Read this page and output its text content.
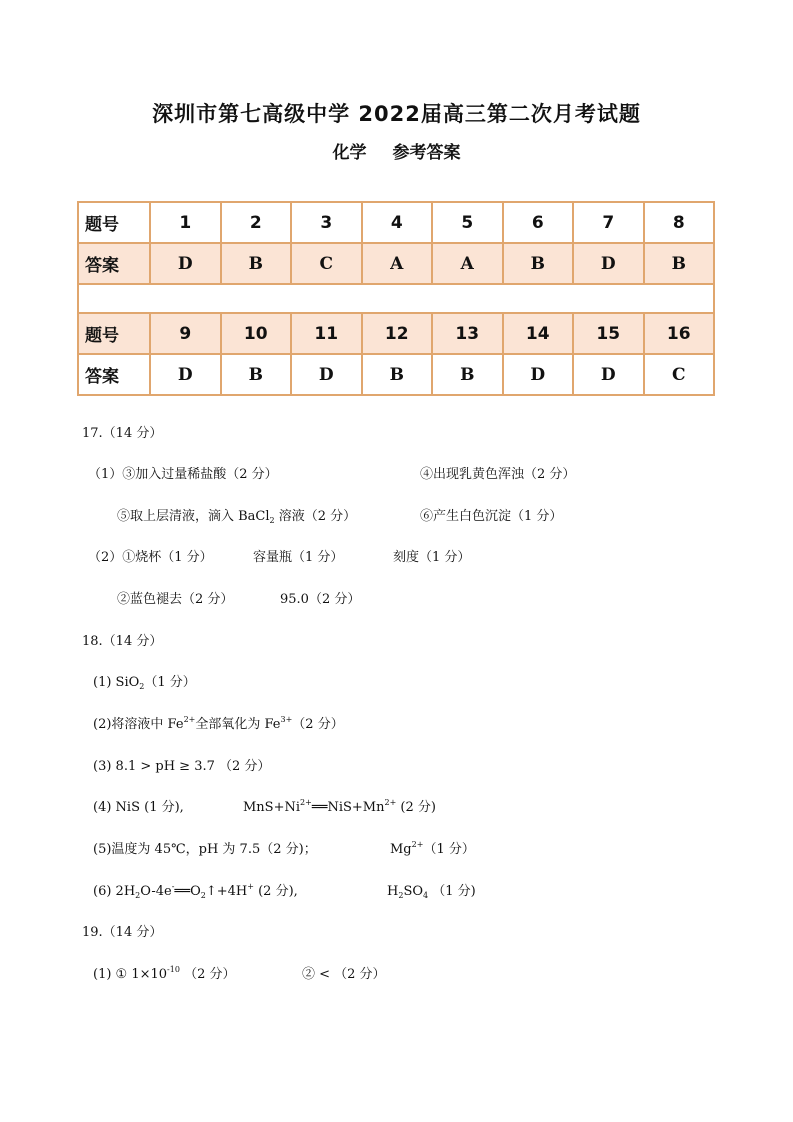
深圳市第七高级中学 2022届高三第二次月考试题
化学 参考答案
题号	1	2	3	4	5	6	7	8
答案	D	B	C	A	A	B	D	B

题号	9	10	11	12	13	14	15	16
答案	D	B	D	B	B	D	D	C
17.（14 分）
（1）③加入过量稀盐酸（2 分）	④出现乳黄色浑浊（2 分）
⑤取上层清液，滴入 BaCl$_2$ 溶液（2 分）	⑥产生白色沉淀（1 分）
（2）①烧杯（1 分）	容量瓶（1 分）	刻度（1 分）
②蓝色褪去（2 分）	95.0（2 分）
18.（14 分）
(1) SiO$_2$（1 分）
(2)将溶液中 $Fe^{2+}$全部氧化为 $Fe^{3+}(2$ 分）
(3) 8.1 > pH ≥ 3.7 （2 分）
(4) NiS (1 分),	$MnS+Ni^{2+}══NiS+Mn^{2+}$ (2 分)
(5)温度为 45℃，pH 为 7.5（2 分)；	$Mg^{2+}(1$ 分）
(6) $2H_2O-4e^-══O_2↑+4H^+$ (2 分),	$H_2SO_4$ （1 分)
19.（14 分）
(1) ① $1\times 10^{-10}$ （2 分）	② < （2 分）
